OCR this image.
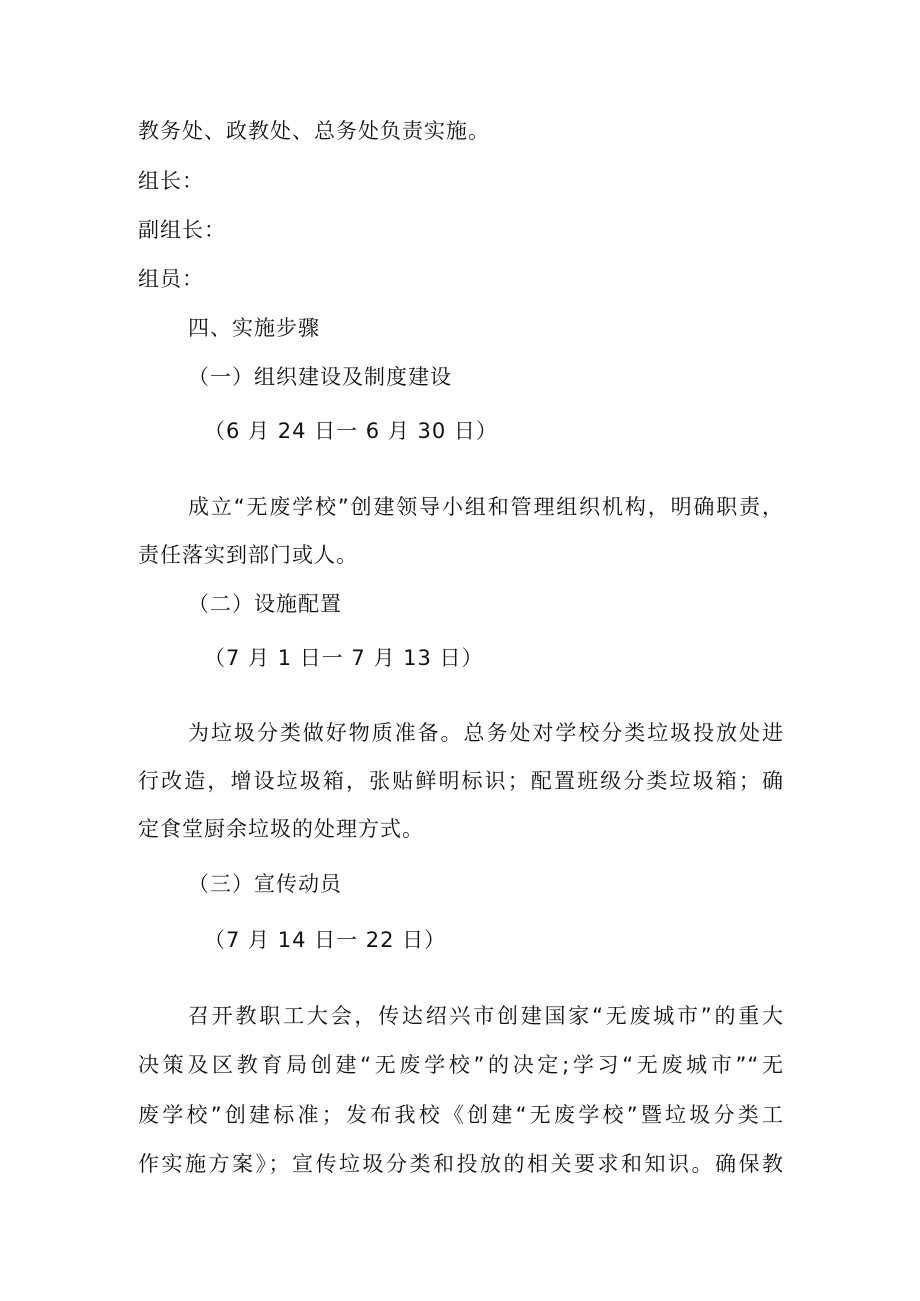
教务处、政教处、总务处负责实施。
组长：
副组长：
组员：
四、实施步骤
（一）组织建设及制度建设
（6 月 24 日一 6 月 30 日）
成立“无废学校”创建领导小组和管理组织机构，明确职责，
责任落实到部门或人。
（二）设施配置
（7 月 1 日一 7 月 13 日）
为垃圾分类做好物质准备。总务处对学校分类垃圾投放处进
行改造，增设垃圾箱，张贴鲜明标识；配置班级分类垃圾箱；确
定食堂厨余垃圾的处理方式。
（三）宣传动员
（7 月 14 日一 22 日）
召开教职工大会，传达绍兴市创建国家“无废城市”的重大
决策及区教育局创建“无废学校”的决定;学习“无废城市”“无
废学校”创建标准；发布我校《创建“无废学校”暨垃圾分类工
作实施方案》；宣传垃圾分类和投放的相关要求和知识。确保教
